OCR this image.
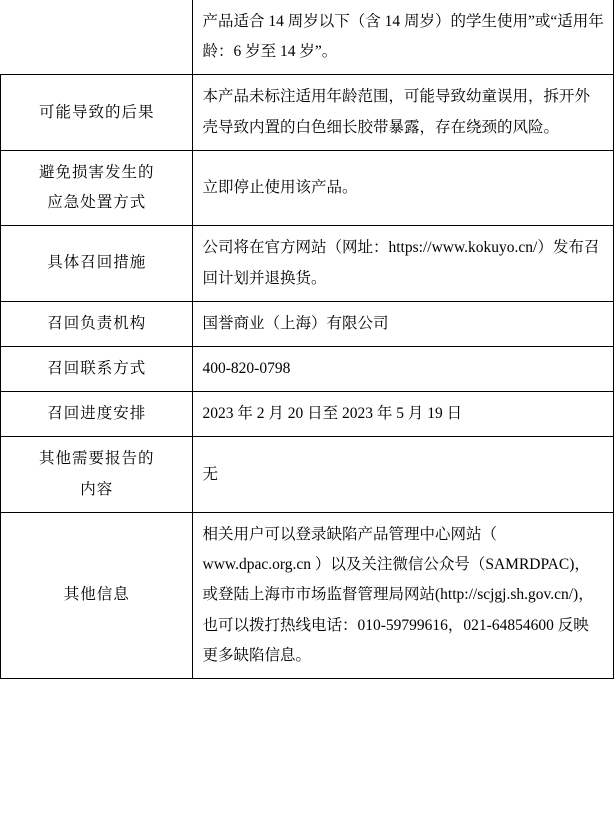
	产品适合 14 周岁以下（含 14 周岁）的学生使用”或“适用年龄：6 岁至 14 岁”。
可能导致的后果	本产品未标注适用年龄范围，可能导致幼童误用，拆开外壳导致内置的白色细长胶带暴露，存在绕颈的风险。

避免损害发生的
应急处置方式	立即停止使用该产品。
具体召回措施	公司将在官方网站（网址：https://www.kokuyo.cn/）发布召回计划并退换货。
召回负责机构	国誉商业（上海）有限公司
召回联系方式	400-820-0798
召回进度安排	2023 年 2 月 20 日至 2023 年 5 月 19 日

其他需要报告的
内容	无
其他信息	相关用户可以登录缺陷产品管理中心网站（ www.dpac.org.cn ）以及关注微信公众号（SAMRDPAC)，或登陆上海市市场监督管理局网站(http://scjgj.sh.gov.cn/)，也可以拨打热线电话：010-59799616，021-64854600 反映更多缺陷信息。
